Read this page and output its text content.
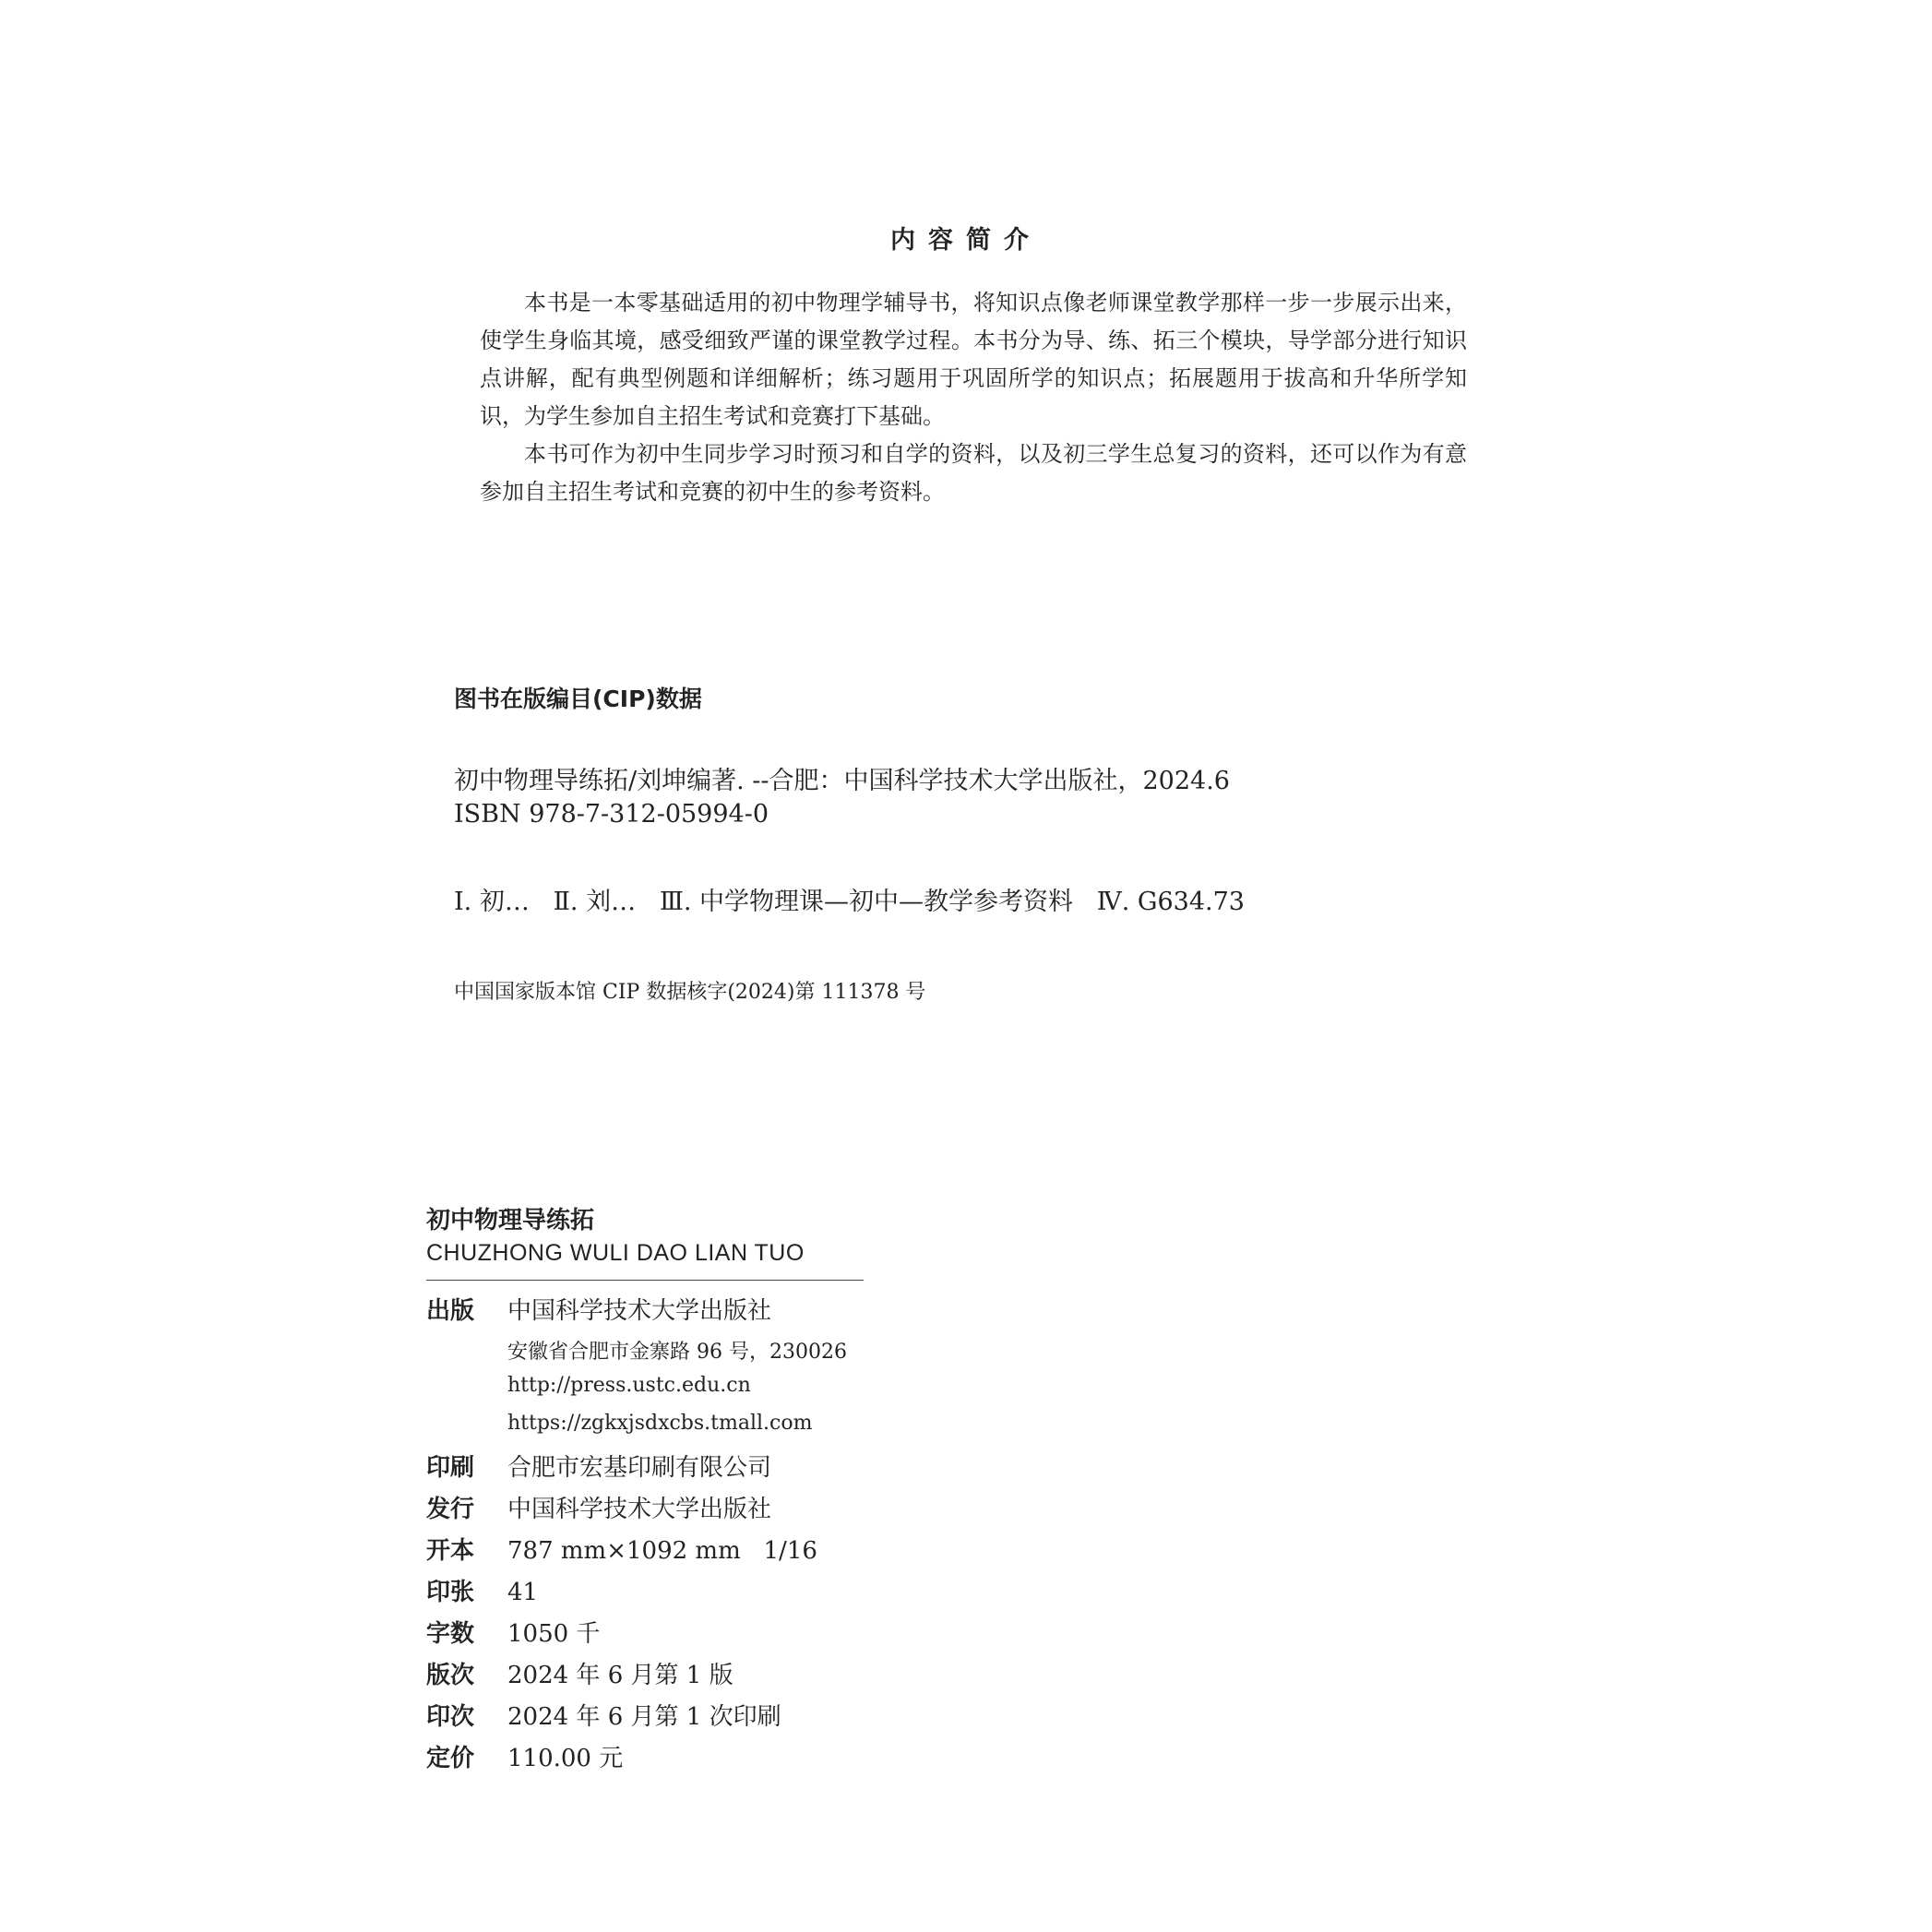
内容简介

本书是一本零基础适用的初中物理学辅导书，将知识点像老师课堂教学那样一步一步展示出来，使学生身临其境，感受细致严谨的课堂教学过程。本书分为导、练、拓三个模块，导学部分进行知识点讲解，配有典型例题和详细解析；练习题用于巩固所学的知识点；拓展题用于拔高和升华所学知识，为学生参加自主招生考试和竞赛打下基础。

本书可作为初中生同步学习时预习和自学的资料，以及初三学生总复习的资料，还可以作为有意参加自主招生考试和竞赛的初中生的参考资料。

图书在版编目(CIP)数据
初中物理导练拓/刘坤编著. --合肥：中国科学技术大学出版社，2024.6
ISBN 978-7-312-05994-0
Ⅰ. 初…   Ⅱ. 刘…   Ⅲ. 中学物理课—初中—教学参考资料   Ⅳ. G634.73
中国国家版本馆 CIP 数据核字(2024)第 111378 号
初中物理导练拓
CHUZHONG WULI DAO LIAN TUO
出版 中国科学技术大学出版社
安徽省合肥市金寨路 96 号，230026
http://press.ustc.edu.cn
https://zgkxjsdxcbs.tmall.com
印刷 合肥市宏基印刷有限公司
发行 中国科学技术大学出版社
开本 787 mm×1092 mm   1/16
印张 41
字数 1050 千
版次 2024 年 6 月第 1 版
印次 2024 年 6 月第 1 次印刷
定价 110.00 元
